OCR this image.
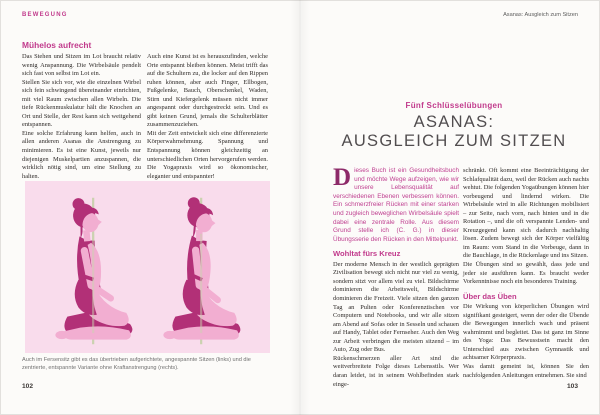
BEWEGUNG
Mühelos aufrecht

Das Stehen und Sitzen im Lot braucht relativ wenig Anspannung. Die Wirbelsäule pendelt sich fast von selbst im Lot ein.

Stellen Sie sich vor, wie die einzelnen Wirbel sich fein schwingend übereinander einrichten, mit viel Raum zwischen allen Wirbeln. Die tiefe Rückenmuskulatur hält die Knochen an Ort und Stelle, der Rest kann sich weitgehend entspannen.

Eine solche Erfahrung kann helfen, auch in allen anderen Asanas die Anstrengung zu minimieren. Es ist eine Kunst, jeweils nur diejenigen Muskelpartien anzuspannen, die wirklich nötig sind, um eine Stellung zu halten.

Auch eine Kunst ist es herauszufinden, welche Orte entspannt bleiben können. Meist trifft das auf die Schultern zu, die locker auf den Rippen ruhen können, aber auch Finger, Ellbogen, Fußgelenke, Bauch, Oberschenkel, Waden, Stirn und Kiefergelenk müssen nicht immer angespannt oder durchgestreckt sein. Und es gibt keinen Grund, jemals die Schulterblätter zusammenzuziehen.

Mit der Zeit entwickelt sich eine differenzierte Körperwahrnehmung. Spannung und Entspannung können gleichzeitig an unterschiedlichen Orten hervorgerufen werden. Die Yogapraxis wird so ökonomischer, eleganter und entspannter!

Auch im Fersensitz gibt es das übertrieben aufgerichtete, angespannte Sitzen (links) und die zentrierte, entspannte Variante ohne Kraftanstrengung (rechts).
102
Asanas: Ausgleich zum Sitzen
Fünf Schlüsselübungen
ASANAS:
AUSGLEICH ZUM SITZEN

Dieses Buch ist ein Gesundheitsbuch und möchte Wege aufzeigen, wie wir unsere Lebensqualität auf verschiedenen Ebenen verbessern können. Ein schmerzfreier Rücken mit einer starken und zugleich beweglichen Wirbelsäule spielt dabei eine zentrale Rolle. Aus diesem Grund stelle ich (C. G.) in dieser Übungsserie den Rücken in den Mittelpunkt.

Wohltat fürs Kreuz

Der moderne Mensch in der westlich geprägten Zivilisation bewegt sich nicht nur viel zu wenig, sondern sitzt vor allem viel zu viel. Bildschirme dominieren die Arbeitswelt, Bildschirme dominieren die Freizeit. Viele sitzen den ganzen Tag an Pulten oder Konferenztischen vor Computern und Notebooks, und wir alle sitzen am Abend auf Sofas oder in Sesseln und schauen auf Handy, Tablet oder Fernseher. Auch den Weg zur Arbeit verbringen die meisten sitzend – im Auto, Zug oder Bus.

Rückenschmerzen aller Art sind die weitverbreitete Folge dieses Lebensstils. Wer daran leidet, ist in seinem Wohlbefinden stark einge-

schränkt. Oft kommt eine Beeinträchtigung der Schlafqualität dazu, weil der Rücken auch nachts wehtut. Die folgenden Yogaübungen können hier vorbeugend und lindernd wirken. Die Wirbelsäule wird in alle Richtungen mobilisiert – zur Seite, nach vorn, nach hinten und in die Rotation –, und die oft verspannte Lenden- und Kreuzgegend kann sich dadurch nachhaltig lösen. Zudem bewegt sich der Körper vielfältig im Raum: vom Stand in die Vorbeuge, dann in die Bauchlage, in die Rückenlage und ins Sitzen.

Die Übungen sind so gewählt, dass jede und jeder sie ausführen kann. Es braucht weder Vorkenntnisse noch ein besonderes Training.

Über das Üben

Die Wirkung von körperlichen Übungen wird signifikant gesteigert, wenn der oder die Übende die Bewegungen innerlich wach und präsent wahrnimmt und begleitet. Das ist ganz im Sinne des Yoga: Das Bewusstsein macht den Unterschied aus zwischen Gymnastik und achtsamer Körperpraxis.

Was damit gemeint ist, können Sie den nachfolgenden Anleitungen entnehmen. Sie sind

103
